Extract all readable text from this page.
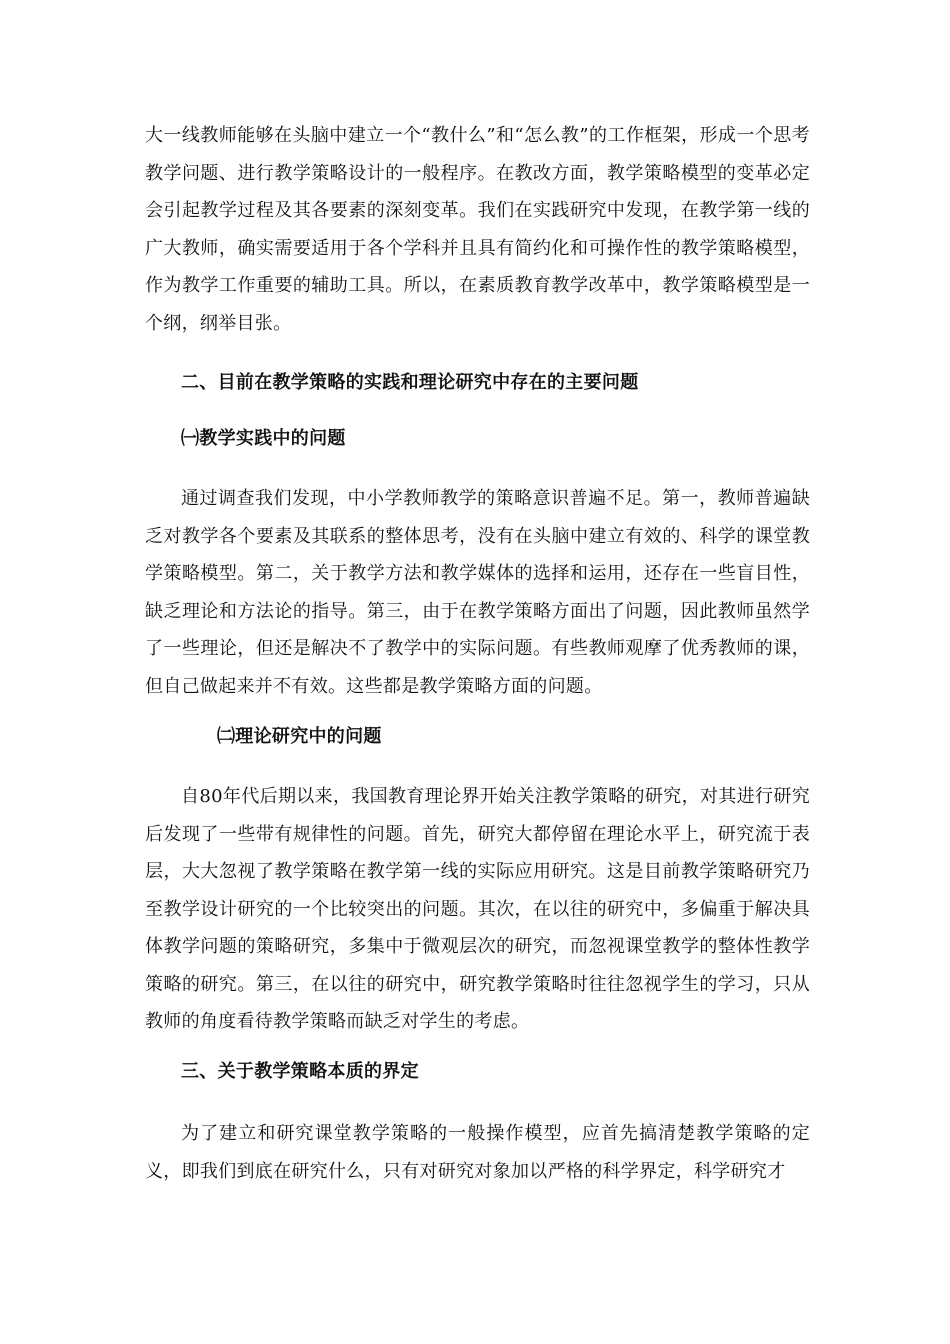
大一线教师能够在头脑中建立一个“教什么”和“怎么教”的工作框架，形成一个思考教学问题、进行教学策略设计的一般程序。在教改方面，教学策略模型的变革必定会引起教学过程及其各要素的深刻变革。我们在实践研究中发现，在教学第一线的广大教师，确实需要适用于各个学科并且具有简约化和可操作性的教学策略模型，作为教学工作重要的辅助工具。所以，在素质教育教学改革中，教学策略模型是一个纲，纲举目张。

二、目前在教学策略的实践和理论研究中存在的主要问题
㈠教学实践中的问题

通过调查我们发现，中小学教师教学的策略意识普遍不足。第一，教师普遍缺乏对教学各个要素及其联系的整体思考，没有在头脑中建立有效的、科学的课堂教学策略模型。第二，关于教学方法和教学媒体的选择和运用，还存在一些盲目性，缺乏理论和方法论的指导。第三，由于在教学策略方面出了问题，因此教师虽然学了一些理论，但还是解决不了教学中的实际问题。有些教师观摩了优秀教师的课，但自己做起来并不有效。这些都是教学策略方面的问题。

㈡理论研究中的问题

自80年代后期以来，我国教育理论界开始关注教学策略的研究，对其进行研究后发现了一些带有规律性的问题。首先，研究大都停留在理论水平上，研究流于表层，大大忽视了教学策略在教学第一线的实际应用研究。这是目前教学策略研究乃至教学设计研究的一个比较突出的问题。其次，在以往的研究中，多偏重于解决具体教学问题的策略研究，多集中于微观层次的研究，而忽视课堂教学的整体性教学策略的研究。第三，在以往的研究中，研究教学策略时往往忽视学生的学习，只从教师的角度看待教学策略而缺乏对学生的考虑。

三、关于教学策略本质的界定

为了建立和研究课堂教学策略的一般操作模型，应首先搞清楚教学策略的定义，即我们到底在研究什么，只有对研究对象加以严格的科学界定，科学研究才
